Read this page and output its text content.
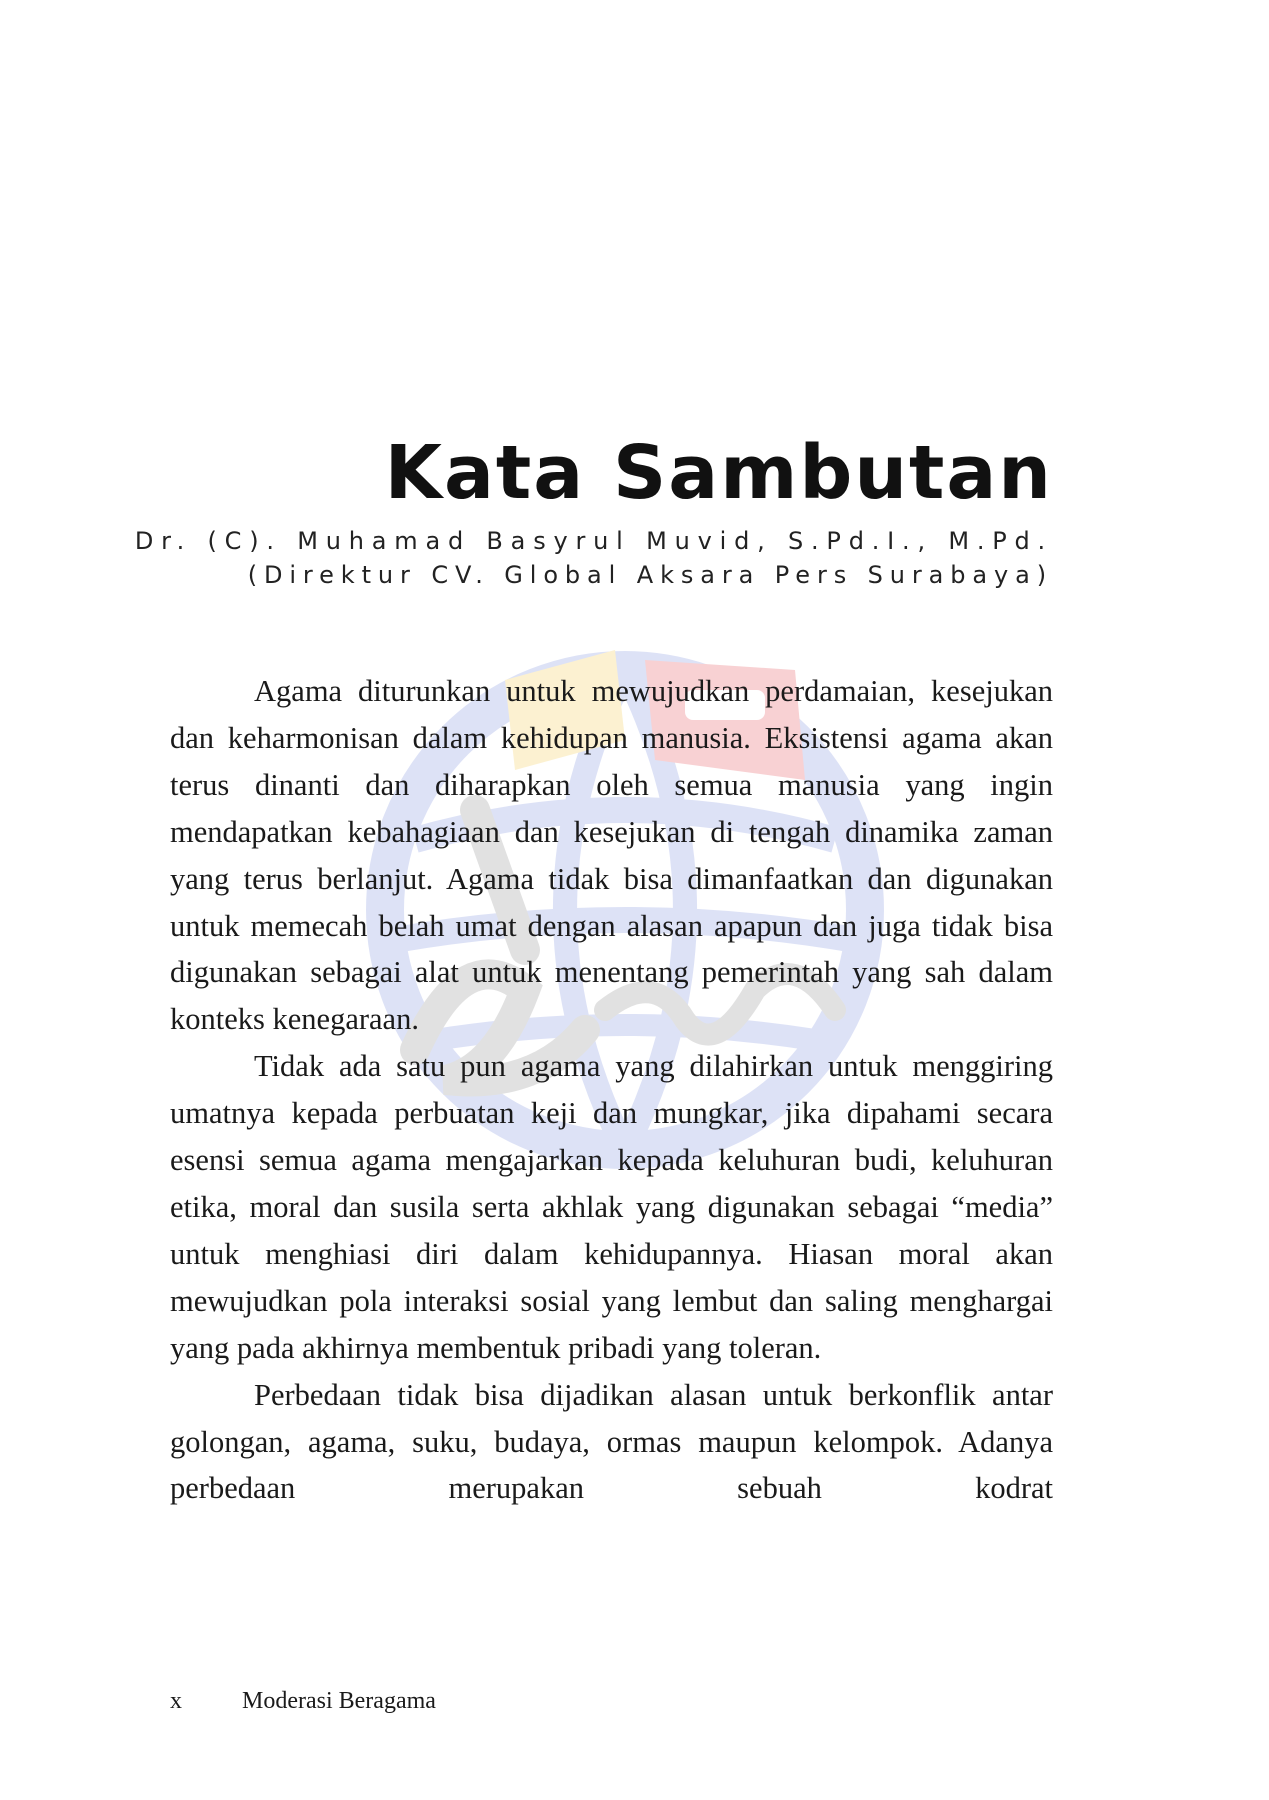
Kata Sambutan
Dr. (C). Muhamad Basyrul Muvid, S.Pd.I., M.Pd.
(Direktur CV. Global Aksara Pers Surabaya)

Agama diturunkan untuk mewujudkan perdamaian, kesejukan dan keharmonisan dalam kehidupan manusia. Eksistensi agama akan terus dinanti dan diharapkan oleh semua manusia yang ingin mendapatkan kebahagiaan dan kesejukan di tengah dinamika zaman yang terus berlanjut. Agama tidak bisa dimanfaatkan dan digunakan untuk memecah belah umat dengan alasan apapun dan juga tidak bisa digunakan sebagai alat untuk menentang pemerintah yang sah dalam konteks kenegaraan.

Tidak ada satu pun agama yang dilahirkan untuk menggiring umatnya kepada perbuatan keji dan mungkar, jika dipahami secara esensi semua agama mengajarkan kepada keluhuran budi, keluhuran etika, moral dan susila serta akhlak yang digunakan sebagai “media” untuk menghiasi diri dalam kehidupannya. Hiasan moral akan mewujudkan pola interaksi sosial yang lembut dan saling menghargai yang pada akhirnya membentuk pribadi yang toleran.

Perbedaan tidak bisa dijadikan alasan untuk berkonflik antar golongan, agama, suku, budaya, ormas maupun kelompok. Adanya perbedaan merupakan sebuah kodrat

x	Moderasi Beragama
